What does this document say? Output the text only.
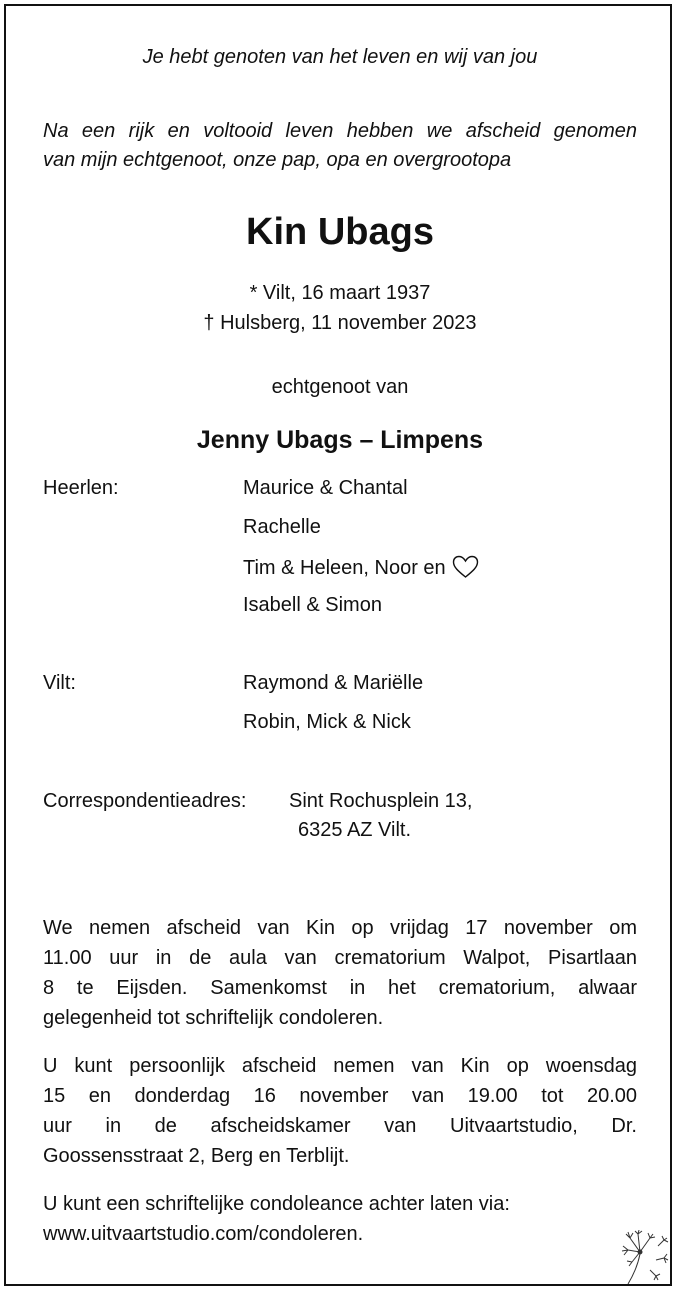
Je hebt genoten van het leven en wij van jou
Na een rijk en voltooid leven hebben we afscheid genomen
van mijn echtgenoot, onze pap, opa en overgrootopa
Kin Ubags
* Vilt, 16 maart 1937
† Hulsberg, 11 november 2023
echtgenoot van
Jenny Ubags – Limpens
Heerlen:	Maurice & Chantal
Rachelle
Tim & Heleen, Noor en
Isabell & Simon
Vilt:	Raymond & Mariëlle
Robin, Mick & Nick
Correspondentieadres: Sint Rochusplein 13,
6325 AZ Vilt.
We nemen afscheid van Kin op vrijdag 17 november om
11.00 uur in de aula van crematorium Walpot, Pisartlaan
8 te Eijsden. Samenkomst in het crematorium, alwaar
gelegenheid tot schriftelijk condoleren.
U kunt persoonlijk afscheid nemen van Kin op woensdag
15 en donderdag 16 november van 19.00 tot 20.00
uur in de afscheidskamer van Uitvaartstudio, Dr.
Goossensstraat 2, Berg en Terblijt.
U kunt een schriftelijke condoleance achter laten via:
www.uitvaartstudio.com/condoleren.
